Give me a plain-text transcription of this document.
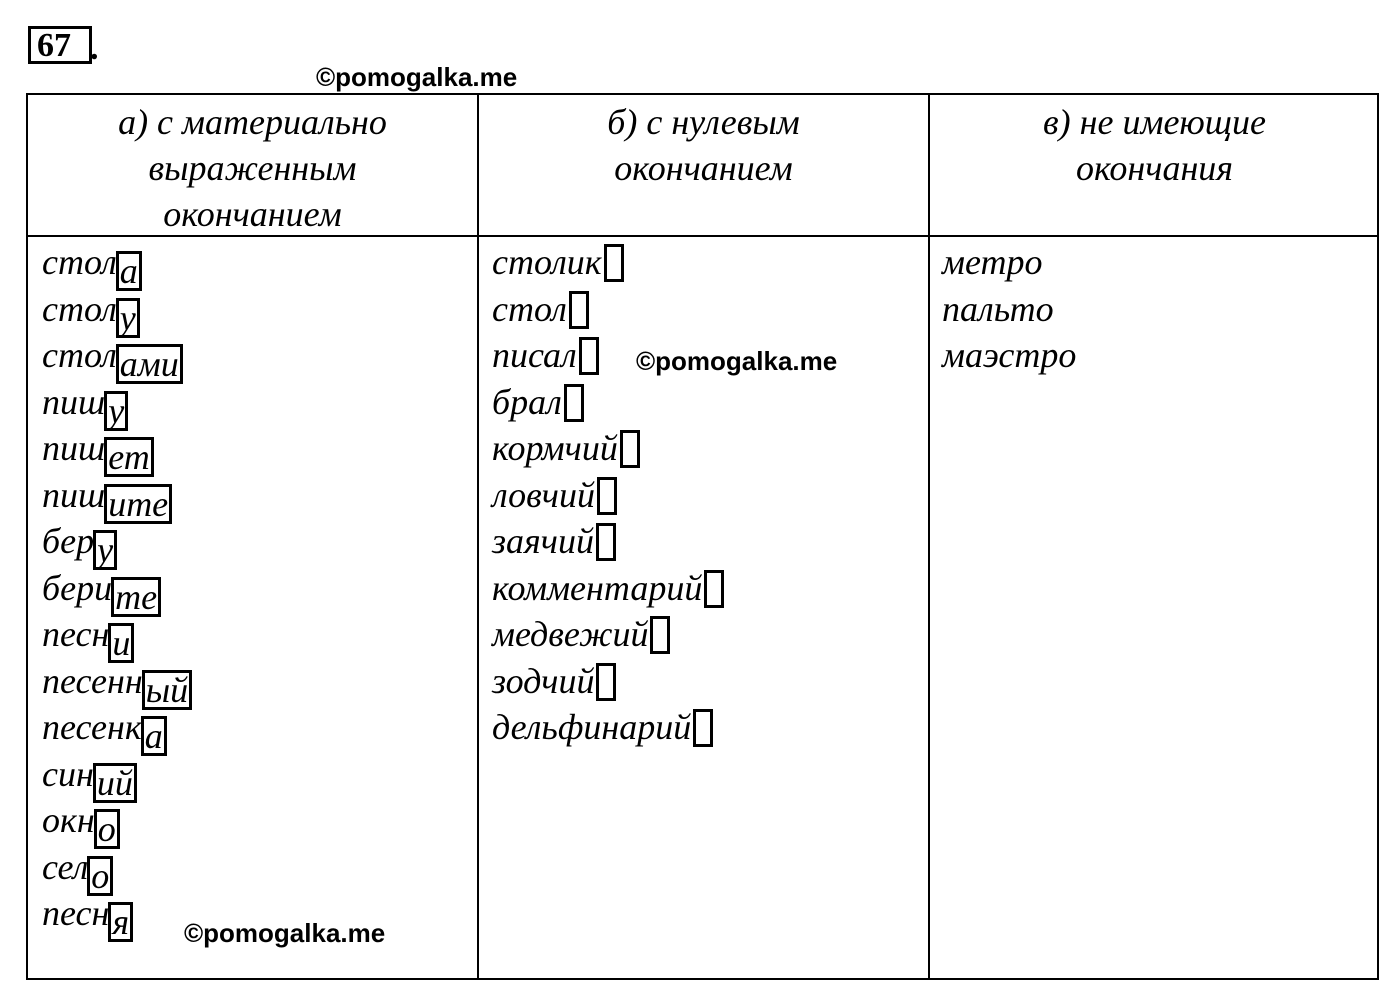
67 .
©pomogalka.me
а) с материально
выраженным
окончанием
б) с нулевым
окончанием
в) не имеющие
окончания
стола
столу
столами
пишу
пишет
пишите
беру
берите
песни
песенный
песенка
синий
окно
село
песня
столик
стол
писал
брал
кормчий
ловчий
заячий
комментарий
медвежий
зодчий
дельфинарий
метро
пальто
маэстро
©pomogalka.me
©pomogalka.me
